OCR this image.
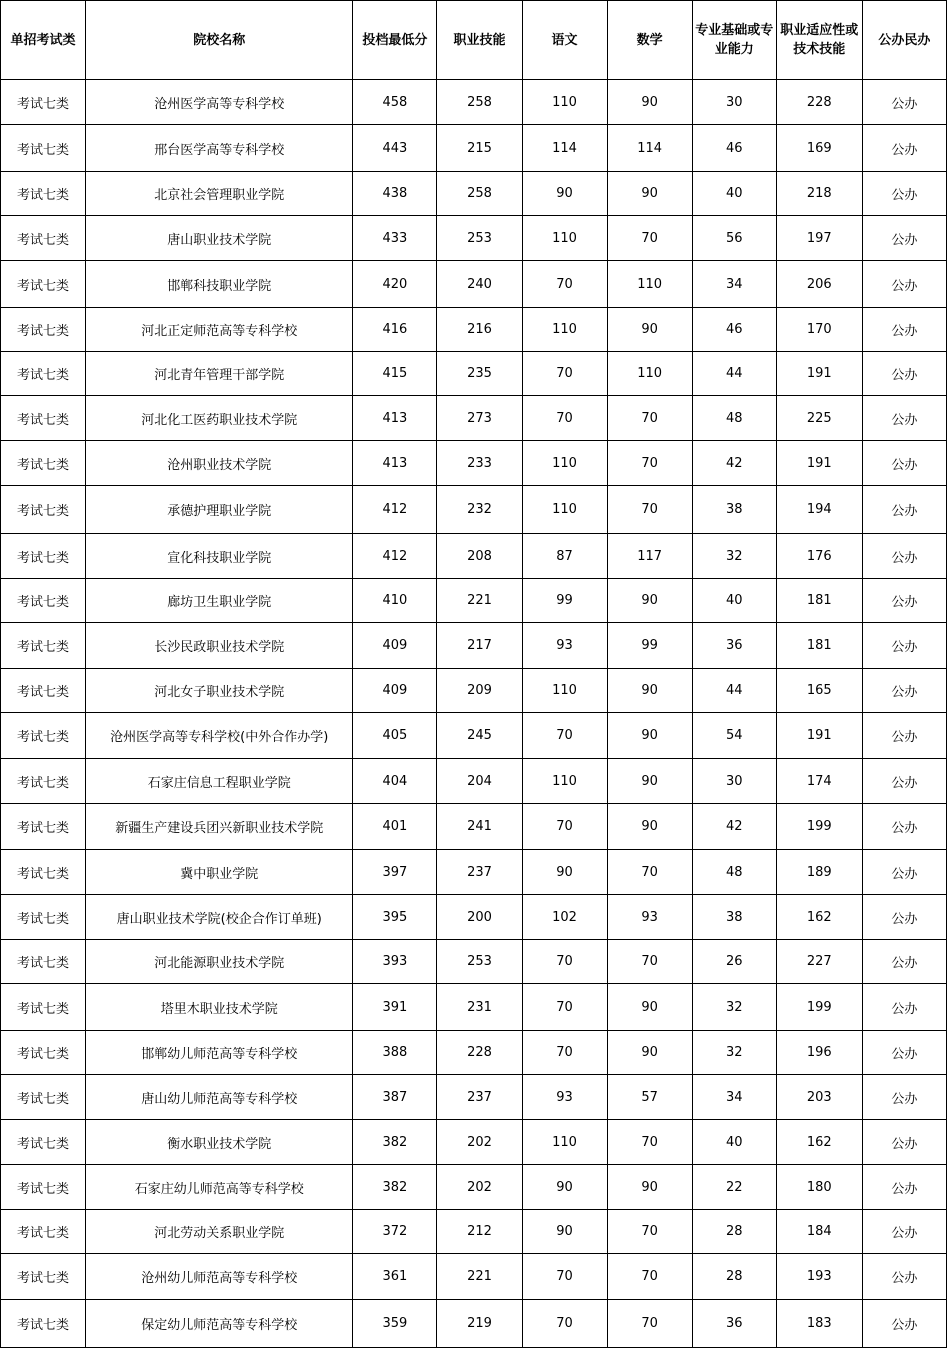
单招考试类	院校名称	投档最低分	职业技能	语文	数学	专业基础或专业能力	职业适应性或技术技能	公办民办
考试七类	沧州医学高等专科学校	458	258	110	90	30	228	公办
考试七类	邢台医学高等专科学校	443	215	114	114	46	169	公办
考试七类	北京社会管理职业学院	438	258	90	90	40	218	公办
考试七类	唐山职业技术学院	433	253	110	70	56	197	公办
考试七类	邯郸科技职业学院	420	240	70	110	34	206	公办
考试七类	河北正定师范高等专科学校	416	216	110	90	46	170	公办
考试七类	河北青年管理干部学院	415	235	70	110	44	191	公办
考试七类	河北化工医药职业技术学院	413	273	70	70	48	225	公办
考试七类	沧州职业技术学院	413	233	110	70	42	191	公办
考试七类	承德护理职业学院	412	232	110	70	38	194	公办
考试七类	宣化科技职业学院	412	208	87	117	32	176	公办
考试七类	廊坊卫生职业学院	410	221	99	90	40	181	公办
考试七类	长沙民政职业技术学院	409	217	93	99	36	181	公办
考试七类	河北女子职业技术学院	409	209	110	90	44	165	公办
考试七类	沧州医学高等专科学校(中外合作办学)	405	245	70	90	54	191	公办
考试七类	石家庄信息工程职业学院	404	204	110	90	30	174	公办
考试七类	新疆生产建设兵团兴新职业技术学院	401	241	70	90	42	199	公办
考试七类	冀中职业学院	397	237	90	70	48	189	公办
考试七类	唐山职业技术学院(校企合作订单班)	395	200	102	93	38	162	公办
考试七类	河北能源职业技术学院	393	253	70	70	26	227	公办
考试七类	塔里木职业技术学院	391	231	70	90	32	199	公办
考试七类	邯郸幼儿师范高等专科学校	388	228	70	90	32	196	公办
考试七类	唐山幼儿师范高等专科学校	387	237	93	57	34	203	公办
考试七类	衡水职业技术学院	382	202	110	70	40	162	公办
考试七类	石家庄幼儿师范高等专科学校	382	202	90	90	22	180	公办
考试七类	河北劳动关系职业学院	372	212	90	70	28	184	公办
考试七类	沧州幼儿师范高等专科学校	361	221	70	70	28	193	公办
考试七类	保定幼儿师范高等专科学校	359	219	70	70	36	183	公办
